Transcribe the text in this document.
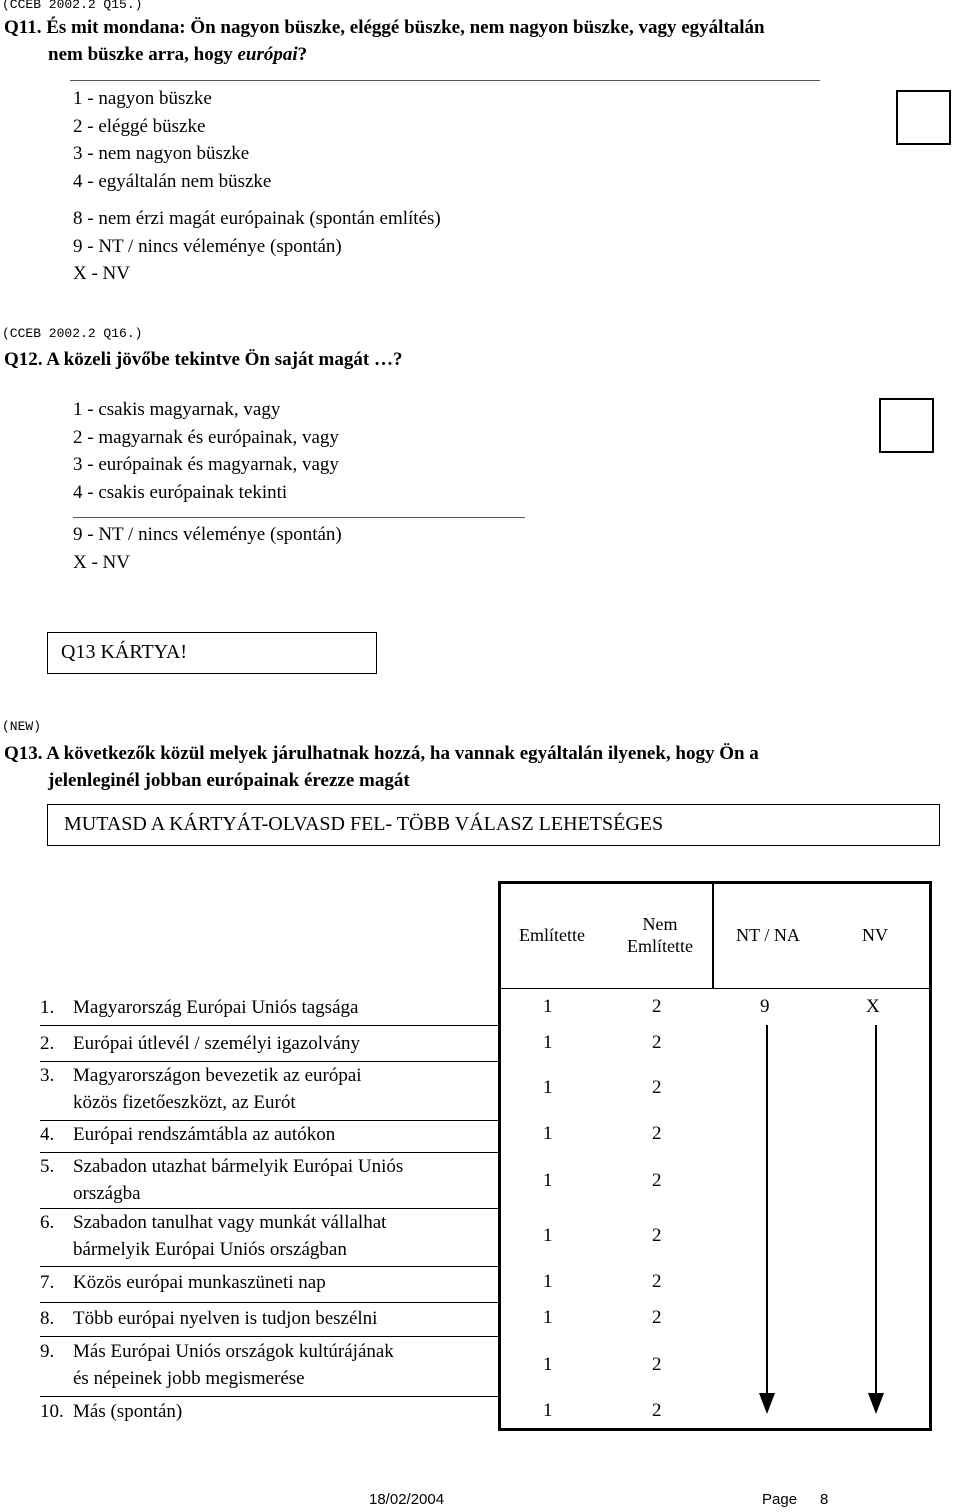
(CCEB 2002.2 Q15.)
Q11. És mit mondana: Ön nagyon büszke, eléggé büszke, nem nagyon büszke, vagy egyáltalán
nem büszke arra, hogy európai?
1 - nagyon büszke
2 - eléggé büszke
3 - nem nagyon büszke
4 - egyáltalán nem büszke
8 - nem érzi magát európainak (spontán említés)
9 - NT / nincs véleménye (spontán)
X - NV
(CCEB 2002.2 Q16.)
Q12. A közeli jövőbe tekintve Ön saját magát …?
1 - csakis magyarnak, vagy
2 - magyarnak és európainak, vagy
3 - európainak és magyarnak, vagy
4 - csakis európainak tekinti
9 - NT / nincs véleménye (spontán)
X - NV
Q13 KÁRTYA!
(NEW)
Q13. A következők közül melyek járulhatnak hozzá, ha vannak egyáltalán ilyenek, hogy Ön a
jelenleginél jobban európainak érezze magát
MUTASD A KÁRTYÁT-OLVASD FEL- TÖBB VÁLASZ LEHETSÉGES
Említette
Nem Említette
NT / NA	NV
1. Magyarország Európai Uniós tagsága	1	2	9	X
2. Európai útlevél / személyi igazolvány	1	2
3. Magyarországon bevezetik az európai
közös fizetőeszközt, az Eurót
1	2
4. Európai rendszámtábla az autókon	1	2
5. Szabadon utazhat bármelyik Európai Uniós
országba
1	2
6. Szabadon tanulhat vagy munkát vállalhat
bármelyik Európai Uniós országban
1	2
7. Közös európai munkaszüneti nap	1	2
8. Több európai nyelven is tudjon beszélni	1	2
9. Más Európai Uniós országok kultúrájának
és népeinek jobb megismerése
1	2
10. Más (spontán)	1	2
18/02/2004	Page 8
